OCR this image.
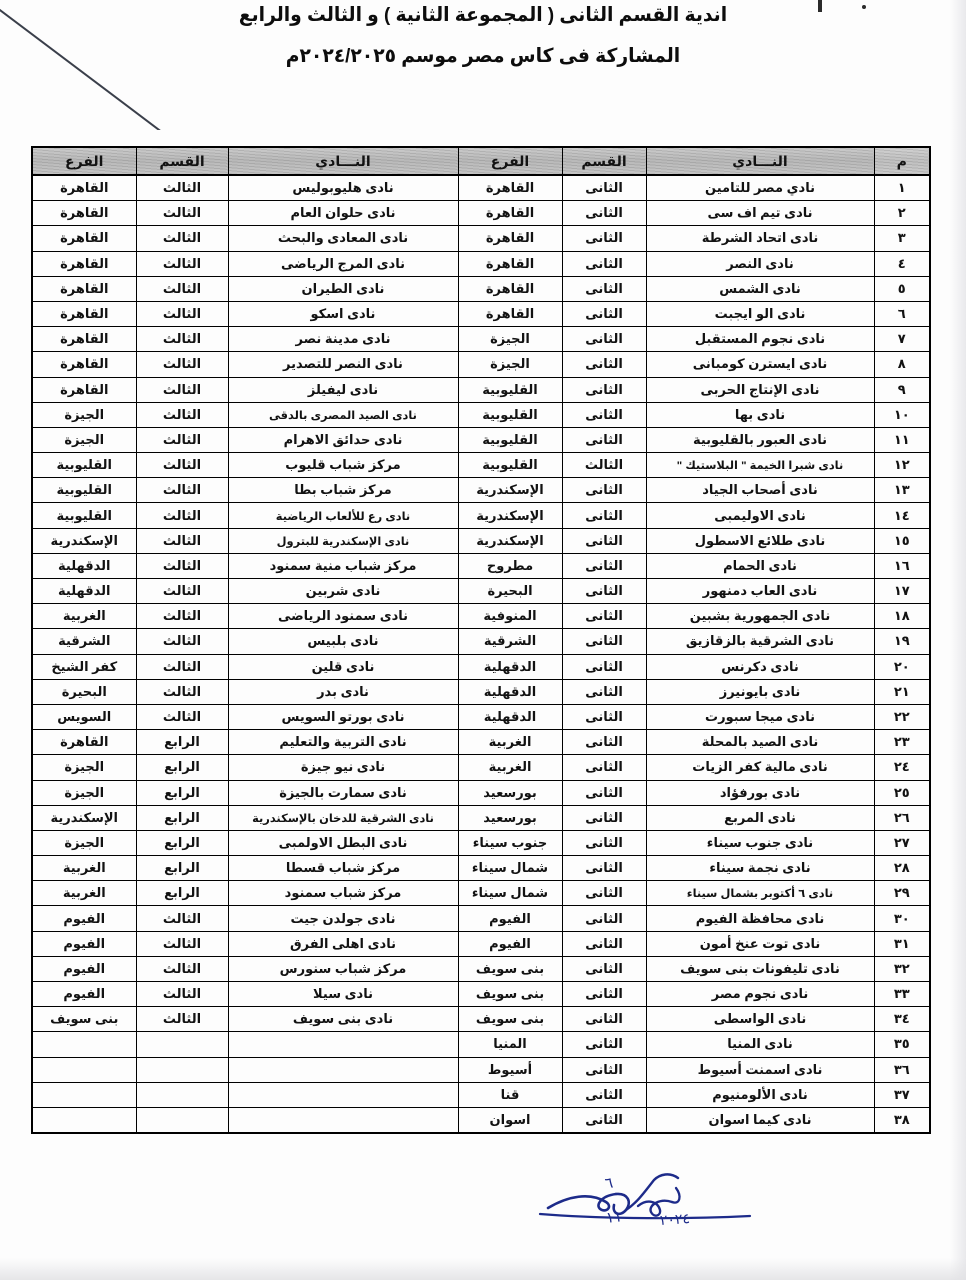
اندية القسم الثانى ( المجموعة الثانية ) و الثالث والرابع
المشاركة فى كاس مصر موسم ٢٠٢٤/٢٠٢٥م
م	النـــادي	القسم	الفرع	النـــادي	القسم	الفرع
١	نادي مصر للتامين	الثانى	القاهرة	نادى هليوبوليس	الثالث	القاهرة
٢	نادى تيم اف سى	الثانى	القاهرة	نادى حلوان العام	الثالث	القاهرة
٣	نادى اتحاد الشرطة	الثانى	القاهرة	نادى المعادى والبحث	الثالث	القاهرة
٤	نادى النصر	الثانى	القاهرة	نادى المرج الرياضى	الثالث	القاهرة
٥	نادى الشمس	الثانى	القاهرة	نادى الطيران	الثالث	القاهرة
٦	نادى الو ايجبت	الثانى	القاهرة	نادى اسكو	الثالث	القاهرة
٧	نادى نجوم المستقبل	الثانى	الجيزة	نادى مدينة نصر	الثالث	القاهرة
٨	نادى ايسترن كومبانى	الثانى	الجيزة	نادى النصر للتصدير	الثالث	القاهرة
٩	نادى الإنتاج الحربى	الثانى	القليوبية	نادى ليفيلز	الثالث	القاهرة
١٠	نادى بها	الثانى	القليوبية	نادى الصيد المصرى بالدقى	الثالث	الجيزة
١١	نادى العبور بالقليوبية	الثانى	القليوبية	نادى حدائق الاهرام	الثالث	الجيزة
١٢	نادى شبرا الخيمة " البلاستيك "	الثالث	القليوبية	مركز شباب قليوب	الثالث	القليوبية
١٣	نادى أصحاب الجياد	الثانى	الإسكندرية	مركز شباب بطا	الثالث	القليوبية
١٤	نادى الاوليمبى	الثانى	الإسكندرية	نادى رع للألعاب الرياضية	الثالث	القليوبية
١٥	نادى طلائع الاسطول	الثانى	الإسكندرية	نادى الإسكندرية للبترول	الثالث	الإسكندرية
١٦	نادى الحمام	الثانى	مطروح	مركز شباب منية سمنود	الثالث	الدقهلية
١٧	نادى العاب دمنهور	الثانى	البحيرة	نادى شربين	الثالث	الدقهلية
١٨	نادى الجمهورية بشبين	الثانى	المنوفية	نادى سمنود الرياضى	الثالث	الغربية
١٩	نادى الشرقية بالزقازيق	الثانى	الشرقية	نادى بلبيس	الثالث	الشرقية
٢٠	نادى دكرنس	الثانى	الدقهلية	نادى قلين	الثالث	كفر الشيخ
٢١	نادى بايونيرز	الثانى	الدقهلية	نادى بدر	الثالث	البحيرة
٢٢	نادى ميجا سبورت	الثانى	الدقهلية	نادى بورتو السويس	الثالث	السويس
٢٣	نادى الصيد بالمحلة	الثانى	الغربية	نادى التربية والتعليم	الرابع	القاهرة
٢٤	نادى مالية كفر الزيات	الثانى	الغربية	نادى نيو جيزة	الرابع	الجيزة
٢٥	نادى بورفؤاد	الثانى	بورسعيد	نادى سمارت بالجيزة	الرابع	الجيزة
٢٦	نادى المربع	الثانى	بورسعيد	نادى الشرقية للدخان بالإسكندرية	الرابع	الإسكندرية
٢٧	نادى جنوب سيناء	الثانى	جنوب سيناء	نادى البطل الاولمبى	الرابع	الجيزة
٢٨	نادى نجمة سيناء	الثانى	شمال سيناء	مركز شباب قسطا	الرابع	الغربية
٢٩	نادى ٦ أكتوبر بشمال سيناء	الثانى	شمال سيناء	مركز شباب سمنود	الرابع	الغربية
٣٠	نادى محافظة الفيوم	الثانى	الفيوم	نادى جولدن جيت	الثالث	الفيوم
٣١	نادى توت عنخ أمون	الثانى	الفيوم	نادى اهلى الفرق	الثالث	الفيوم
٣٢	نادى تليفونات بنى سويف	الثانى	بنى سويف	مركز شباب سنورس	الثالث	الفيوم
٣٣	نادى نجوم مصر	الثانى	بنى سويف	نادى سيلا	الثالث	الفيوم
٣٤	نادى الواسطى	الثانى	بنى سويف	نادى بنى سويف	الثالث	بنى سويف
٣٥	نادى المنيا	الثانى	المنيا			
٣٦	نادى اسمنت أسيوط	الثانى	أسيوط			
٣٧	نادى الألومنيوم	الثانى	قنا			
٣٨	نادى كيما اسوان	الثانى	اسوان			
٦
١١	٢٠٢٤
